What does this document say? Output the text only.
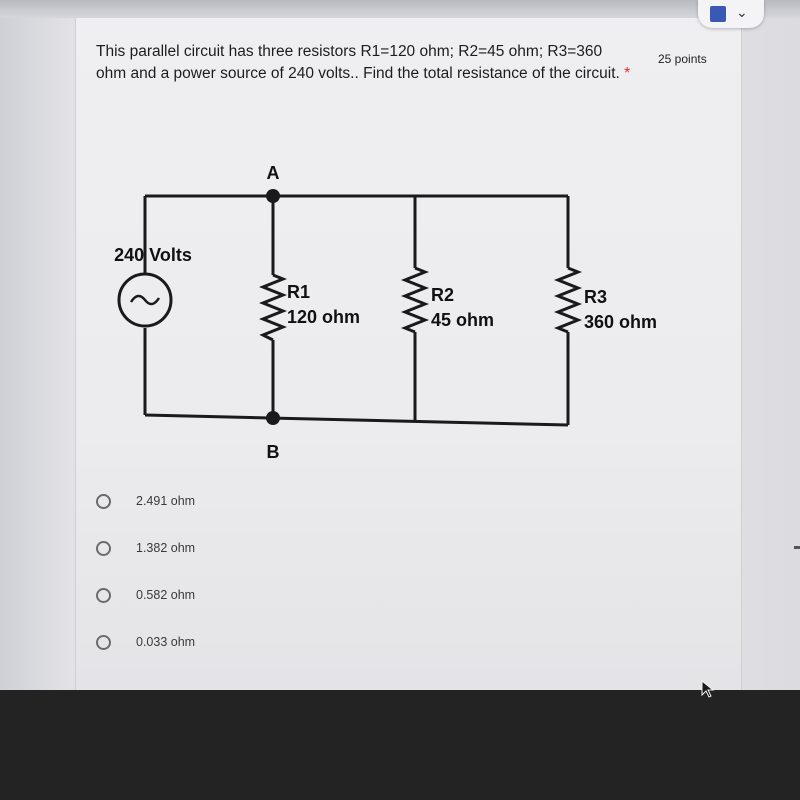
⌄
This parallel circuit has three resistors R1=120 ohm; R2=45 ohm; R3=360 ohm and a power source of 240 volts.. Find the total resistance of the circuit. *
25 points
240 Volts
A
B
R1
120 ohm
R2
45 ohm
R3
360 ohm
2.491 ohm
1.382 ohm
0.582 ohm
0.033 ohm
